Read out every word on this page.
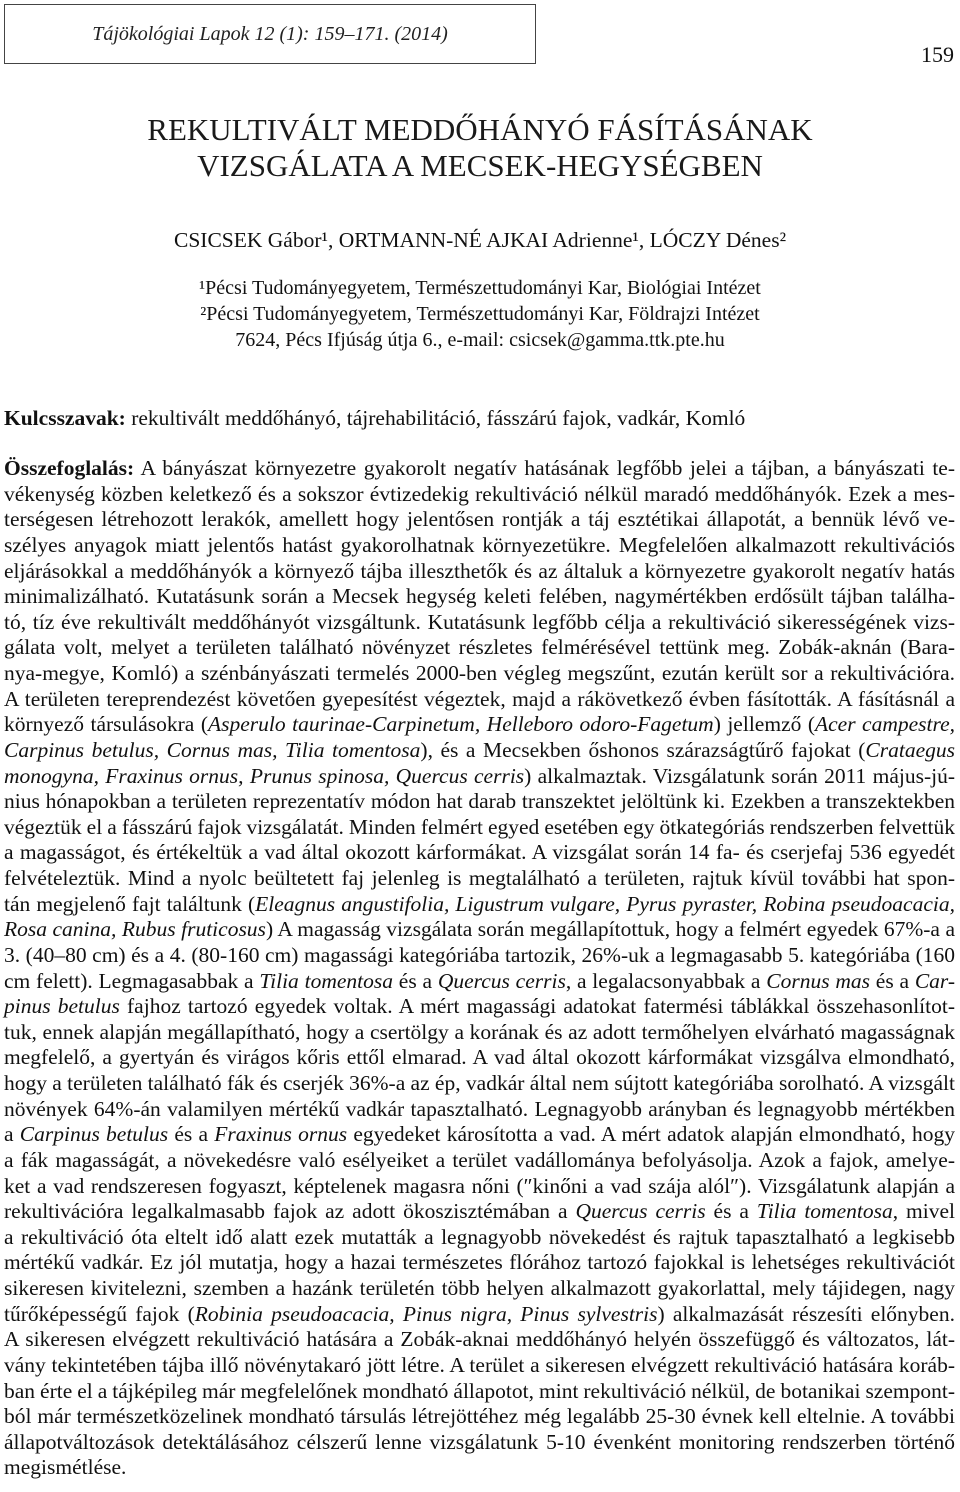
Tájökológiai Lapok 12 (1): 159–171. (2014)
159
REKULTIVÁLT MEDDŐHÁNYÓ FÁSÍTÁSÁNAK
VIZSGÁLATA A MECSEK-HEGYSÉGBEN
CSICSEK Gábor¹, ORTMANN-NÉ AJKAI Adrienne¹, LÓCZY Dénes²
¹Pécsi Tudományegyetem, Természettudományi Kar, Biológiai Intézet
²Pécsi Tudományegyetem, Természettudományi Kar, Földrajzi Intézet
7624, Pécs Ifjúság útja 6., e-mail: csicsek@gamma.ttk.pte.hu
Kulcsszavak: rekultivált meddőhányó, tájrehabilitáció, fásszárú fajok, vadkár, Komló
Összefoglalás: A bányászat környezetre gyakorolt negatív hatásának legfőbb jelei a tájban, a bányászati te-
vékenység közben keletkező és a sokszor évtizedekig rekultiváció nélkül maradó meddőhányók. Ezek a mes-
terségesen létrehozott lerakók, amellett hogy jelentősen rontják a táj esztétikai állapotát, a bennük lévő ve-
szélyes anyagok miatt jelentős hatást gyakorolhatnak környezetükre. Megfelelően alkalmazott rekultivációs
eljárásokkal a meddőhányók a környező tájba illeszthetők és az általuk a környezetre gyakorolt negatív hatás
minimalizálható. Kutatásunk során a Mecsek hegység keleti felében, nagymértékben erdősült tájban találha-
tó, tíz éve rekultivált meddőhányót vizsgáltunk. Kutatásunk legfőbb célja a rekultiváció sikerességének vizs-
gálata volt, melyet a területen található növényzet részletes felmérésével tettünk meg. Zobák-aknán (Bara-
nya-megye, Komló) a szénbányászati termelés 2000-ben végleg megszűnt, ezután került sor a rekultivációra.
A területen tereprendezést követően gyepesítést végeztek, majd a rákövetkező évben fásították. A fásításnál a
környező társulásokra (Asperulo taurinae-Carpinetum, Helleboro odoro-Fagetum) jellemző (Acer campestre,
Carpinus betulus, Cornus mas, Tilia tomentosa), és a Mecsekben őshonos szárazságtűrő fajokat (Crataegus
monogyna, Fraxinus ornus, Prunus spinosa, Quercus cerris) alkalmaztak. Vizsgálatunk során 2011 május-jú-
nius hónapokban a területen reprezentatív módon hat darab transzektet jelöltünk ki. Ezekben a transzektekben
végeztük el a fásszárú fajok vizsgálatát. Minden felmért egyed esetében egy ötkategóriás rendszerben felvettük
a magasságot, és értékeltük a vad által okozott kárformákat. A vizsgálat során 14 fa- és cserjefaj 536 egyedét
felvételeztük. Mind a nyolc beültetett faj jelenleg is megtalálható a területen, rajtuk kívül további hat spon-
tán megjelenő fajt találtunk (Eleagnus angustifolia, Ligustrum vulgare, Pyrus pyraster, Robina pseudoacacia,
Rosa canina, Rubus fruticosus) A magasság vizsgálata során megállapítottuk, hogy a felmért egyedek 67%-a a
3. (40–80 cm) és a 4. (80-160 cm) magassági kategóriába tartozik, 26%-uk a legmagasabb 5. kategóriába (160
cm felett). Legmagasabbak a Tilia tomentosa és a Quercus cerris, a legalacsonyabbak a Cornus mas és a Car-
pinus betulus fajhoz tartozó egyedek voltak. A mért magassági adatokat fatermési táblákkal összehasonlítot-
tuk, ennek alapján megállapítható, hogy a csertölgy a korának és az adott termőhelyen elvárható magasságnak
megfelelő, a gyertyán és virágos kőris ettől elmarad. A vad által okozott kárformákat vizsgálva elmondható,
hogy a területen található fák és cserjék 36%-a az ép, vadkár által nem sújtott kategóriába sorolható. A vizsgált
növények 64%-án valamilyen mértékű vadkár tapasztalható. Legnagyobb arányban és legnagyobb mértékben
a Carpinus betulus és a Fraxinus ornus egyedeket károsította a vad. A mért adatok alapján elmondható, hogy
a fák magasságát, a növekedésre való esélyeiket a terület vadállománya befolyásolja. Azok a fajok, amelye-
ket a vad rendszeresen fogyaszt, képtelenek magasra nőni (″kinőni a vad szája alól″). Vizsgálatunk alapján a
rekultivációra legalkalmasabb fajok az adott ökoszisztémában a Quercus cerris és a Tilia tomentosa, mivel
a rekultiváció óta eltelt idő alatt ezek mutatták a legnagyobb növekedést és rajtuk tapasztalható a legkisebb
mértékű vadkár. Ez jól mutatja, hogy a hazai természetes flórához tartozó fajokkal is lehetséges rekultivációt
sikeresen kivitelezni, szemben a hazánk területén több helyen alkalmazott gyakorlattal, mely tájidegen, nagy
tűrőképességű fajok (Robinia pseudoacacia, Pinus nigra, Pinus sylvestris) alkalmazását részesíti előnyben.
A sikeresen elvégzett rekultiváció hatására a Zobák-aknai meddőhányó helyén összefüggő és változatos, lát-
vány tekintetében tájba illő növénytakaró jött létre. A terület a sikeresen elvégzett rekultiváció hatására koráb-
ban érte el a tájképileg már megfelelőnek mondható állapotot, mint rekultiváció nélkül, de botanikai szempont-
ból már természetközelinek mondható társulás létrejöttéhez még legalább 25-30 évnek kell eltelnie. A további
állapotváltozások detektálásához célszerű lenne vizsgálatunk 5-10 évenként monitoring rendszerben történő
megismétlése.
